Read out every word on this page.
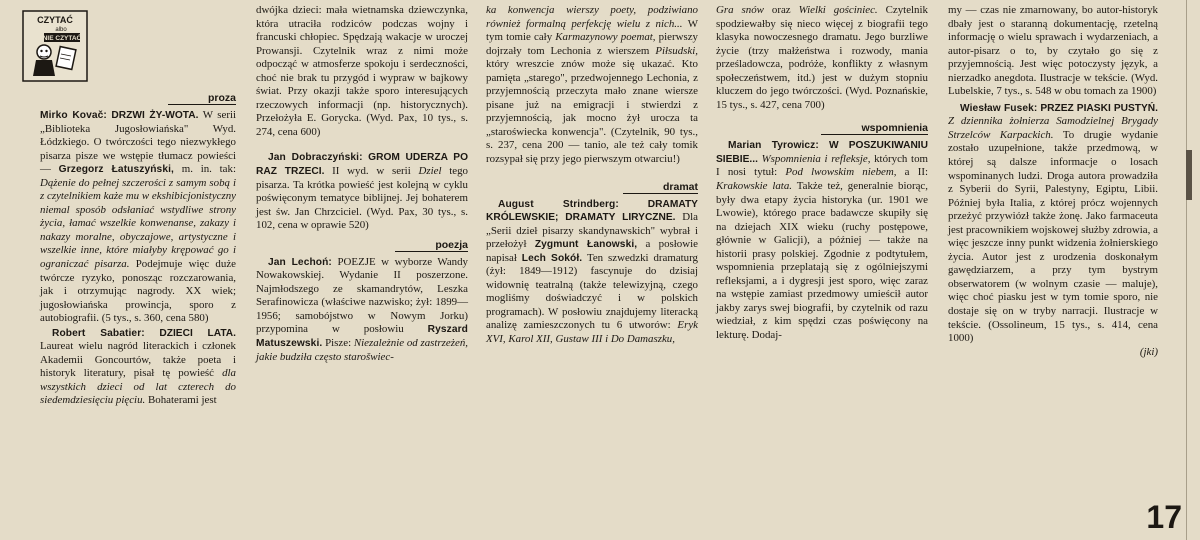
CZYTAĆ
albo
NIE CZYTAĆ
proza

Mirko Kovač: DRZWI ŻY-WOTA. W serii „Biblioteka Jugosłowiańska" Wyd. Łódzkiego. O twórczości tego niezwykłego pisarza pisze we wstępie tłumacz powieści — Grzegorz Łatuszyński, m. in. tak: Dążenie do pełnej szczerości z samym sobą i z czytelnikiem każe mu w ekshibicjonistyczny niemal sposób odsłaniać wstydliwe strony życia, łamać wszelkie konwenanse, zakazy i nakazy moralne, obyczajowe, artystyczne i wszelkie inne, które miałyby krępować go i ograniczać pisarza. Podejmuje więc duże twórcze ryzyko, ponosząc rozczarowania, jak i otrzymując nagrody. XX wiek; jugosłowiańska prowincja, sporo z autobiografii. (5 tys., s. 360, cena 580)

Robert Sabatier: DZIECI LATA. Laureat wielu nagród literackich i członek Akademii Goncourtów, także poeta i historyk literatury, pisał tę powieść dla wszystkich dzieci od lat czterech do siedemdziesięciu pięciu. Bohaterami jest

dwójka dzieci: mała wietnamska dziewczynka, która utraciła rodziców podczas wojny i francuski chłopiec. Spędzają wakacje w uroczej Prowansji. Czytelnik wraz z nimi może odpocząć w atmosferze spokoju i serdeczności, choć nie brak tu przygód i wypraw w bajkowy świat. Przy okazji także sporo interesujących rzeczowych informacji (np. historycznych). Przełożyła E. Gorycka. (Wyd. Pax, 10 tys., s. 274, cena 600)

Jan Dobraczyński: GROM UDERZA PO RAZ TRZECI. II wyd. w serii Dziel tego pisarza. Ta krótka powieść jest kolejną w cyklu poświęconym tematyce biblijnej. Jej bohaterem jest św. Jan Chrzciciel. (Wyd. Pax, 30 tys., s. 102, cena w oprawie 520)

poezja

Jan Lechoń: POEZJE w wyborze Wandy Nowakowskiej. Wydanie II poszerzone. Najmłodszego ze skamandrytów, Leszka Serafinowicza (właściwe nazwisko; żył: 1899—1956; samobójstwo w Nowym Jorku) przypomina w posłowiu Ryszard Matuszewski. Pisze: Niezależnie od zastrzeżeń, jakie budziła często starošwiec-

ka konwencja wierszy poety, podziwiano również formalną perfekcję wielu z nich... W tym tomie cały Karmazynowy poemat, pierwszy dojrzały tom Lechonia z wierszem Piłsudski, który wreszcie znów może się ukazać. Kto pamięta „starego", przedwojennego Lechonia, z przyjemnością przeczyta mało znane wiersze pisane już na emigracji i stwierdzi z przyjemnością, jak mocno żył urocza ta „staroświecka konwencja". (Czytelnik, 90 tys., s. 237, cena 200 — tanio, ale też cały tomik rozsypał się przy jego pierwszym otwarciu!)

dramat

August Strindberg:	DRAMATY KRÓLEWSKIE; DRAMATY LIRYCZNE. Dla „Serii dzieł pisarzy skandynawskich" wybrał i przełożył Zygmunt Łanowski, a posłowie napisał Lech Sokół. Ten szwedzki dramaturg (żył: 1849—1912) fascynuje do dzisiaj widownię teatralną (także telewizyjną, czego mogliśmy doświadczyć i w polskich programach). W posłowiu znajdujemy literacką analizę zamieszczonych tu 6 utworów: Eryk XVI, Karol XII, Gustaw III i Do Damaszku,

Gra snów oraz Wielki gościniec. Czytelnik spodziewałby się nieco więcej z biografii tego klasyka nowoczesnego dramatu. Jego burzliwe życie (trzy małżeństwa i rozwody, mania prześladowcza, podróże, konflikty z własnym społeczeństwem, itd.) jest w dużym stopniu kluczem do jego twórczości. (Wyd. Poznańskie, 15 tys., s. 427, cena 700)

wspomnienia

Marian Tyrowicz: W POSZUKIWANIU SIEBIE... Wspomnienia i refleksje, których tom I nosi tytuł: Pod lwowskim niebem, a II: Krakowskie lata. Także też, generalnie biorąc, były dwa etapy życia historyka (ur. 1901 we Lwowie), którego prace badawcze skupiły się na dziejach XIX wieku (ruchy postępowe, głównie w Galicji), a później — także na historii prasy polskiej. Zgodnie z podtytułem, wspomnienia przeplatają się z ogólniejszymi refleksjami, a i dygresji jest sporo, więc zaraz na wstępie zamiast przedmowy umieścił autor jakby zarys swej biografii, by czytelnik od razu wiedział, z kim spędzi czas poświęcony na lekturę. Dodaj-

my — czas nie zmarnowany, bo autor-historyk dbały jest o staranną dokumentację, rzetelną informację o wielu sprawach i wydarzeniach, a autor-pisarz o to, by czytało go się z przyjemnością. Jest więc potoczysty język, a nierzadko anegdota. Ilustracje w tekście. (Wyd. Lubelskie, 7 tys., s. 548 w obu tomach za 1900)

Wiesław Fusek: PRZEZ PIASKI PUSTYŃ. Z dziennika żołnierza Samodzielnej Brygady Strzelców Karpackich. To drugie wydanie zostało uzupełnione, także przedmową, w której są dalsze informacje o losach wspominanych ludzi. Droga autora prowadziła z Syberii do Syrii, Palestyny, Egiptu, Libii. Później była Italia, z której prócz wojennych przeżyć przywiózł także żonę. Jako farmaceuta jest pracownikiem wojskowej służby zdrowia, a więc jeszcze inny punkt widzenia żołnierskiego życia. Autor jest z urodzenia doskonałym gawędziarzem, a przy tym bystrym obserwatorem (w wolnym czasie — maluje), więc choć piasku jest w tym tomie sporo, nie dostaje się on w tryby narracji. Ilustracje w tekście. (Ossolineum, 15 tys., s. 414, cena 1000)

(jki)

17
